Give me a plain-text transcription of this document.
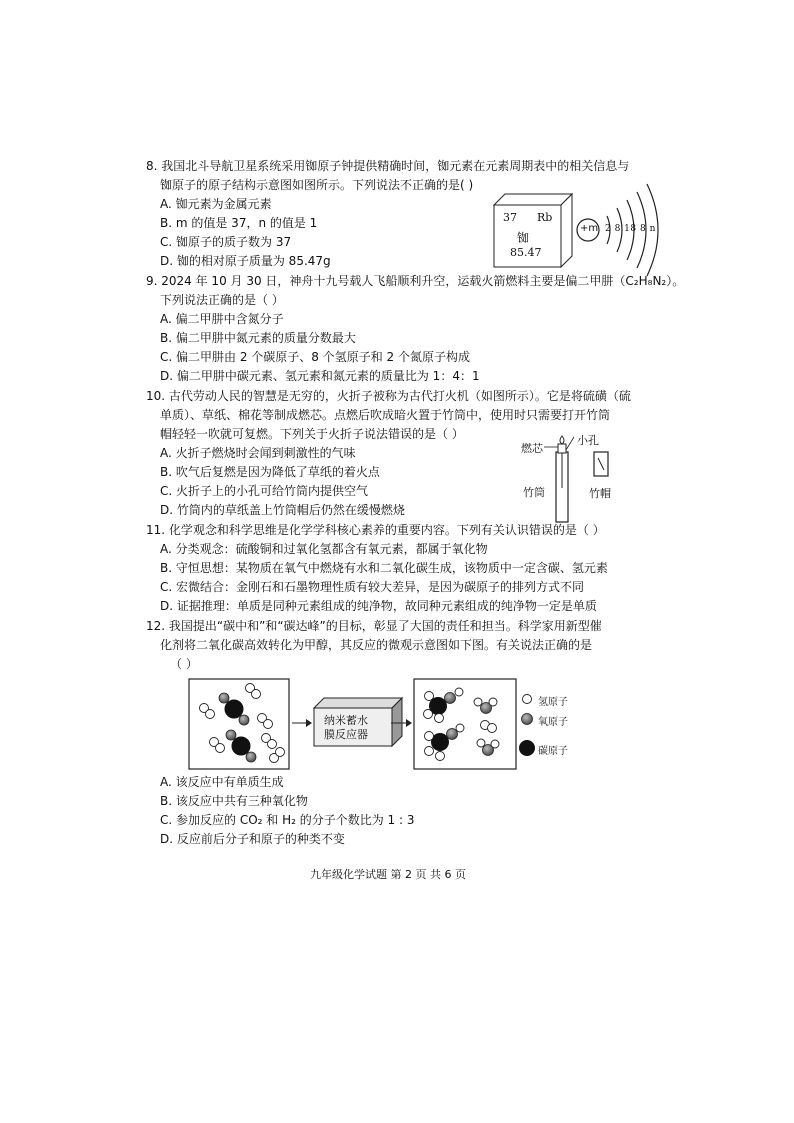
8. 我国北斗导航卫星系统采用铷原子钟提供精确时间，铷元素在元素周期表中的相关信息与
铷原子的原子结构示意图如图所示。下列说法不正确的是( )
A. 铷元素为金属元素
B. m 的值是 37，n 的值是 1
C. 铷原子的质子数为 37
D. 铷的相对原子质量为 85.47g
37 Rb
铷
85.47
+m 2 8 18 8 n
9. 2024 年 10 月 30 日，神舟十九号载人飞船顺利升空，运载火箭燃料主要是偏二甲肼（C₂H₈N₂）。
下列说法正确的是（ ）
A. 偏二甲肼中含氮分子
B. 偏二甲肼中氮元素的质量分数最大
C. 偏二甲肼由 2 个碳原子、8 个氢原子和 2 个氮原子构成
D. 偏二甲肼中碳元素、氢元素和氮元素的质量比为 1：4：1
10. 古代劳动人民的智慧是无穷的，火折子被称为古代打火机（如图所示）。它是将硫磺（硫
单质）、草纸、棉花等制成燃芯。点燃后吹成暗火置于竹筒中，使用时只需要打开竹筒
帽轻轻一吹就可复燃。下列关于火折子说法错误的是（ ）
A. 火折子燃烧时会闻到刺激性的气味
B. 吹气后复燃是因为降低了草纸的着火点
C. 火折子上的小孔可给竹筒内提供空气
D. 竹筒内的草纸盖上竹筒帽后仍然在缓慢燃烧
燃芯
小孔
竹筒	竹帽
11. 化学观念和科学思维是化学学科核心素养的重要内容。下列有关认识错误的是（ ）
A. 分类观念：硫酸铜和过氧化氢都含有氧元素，都属于氧化物
B. 守恒思想：某物质在氧气中燃烧有水和二氧化碳生成，该物质中一定含碳、氢元素
C. 宏微结合：金刚石和石墨物理性质有较大差异，是因为碳原子的排列方式不同
D. 证据推理：单质是同种元素组成的纯净物，故同种元素组成的纯净物一定是单质
12. 我国提出“碳中和”和“碳达峰”的目标，彰显了大国的责任和担当。科学家用新型催
化剂将二氧化碳高效转化为甲醇，其反应的微观示意图如下图。有关说法正确的是
（ ）
纳米蓄水
膜反应器
氢原子
氧原子
碳原子
A. 该反应中有单质生成
B. 该反应中共有三种氧化物
C. 参加反应的 CO₂ 和 H₂ 的分子个数比为 1 : 3
D. 反应前后分子和原子的种类不变
九年级化学试题 第 2 页 共 6 页
